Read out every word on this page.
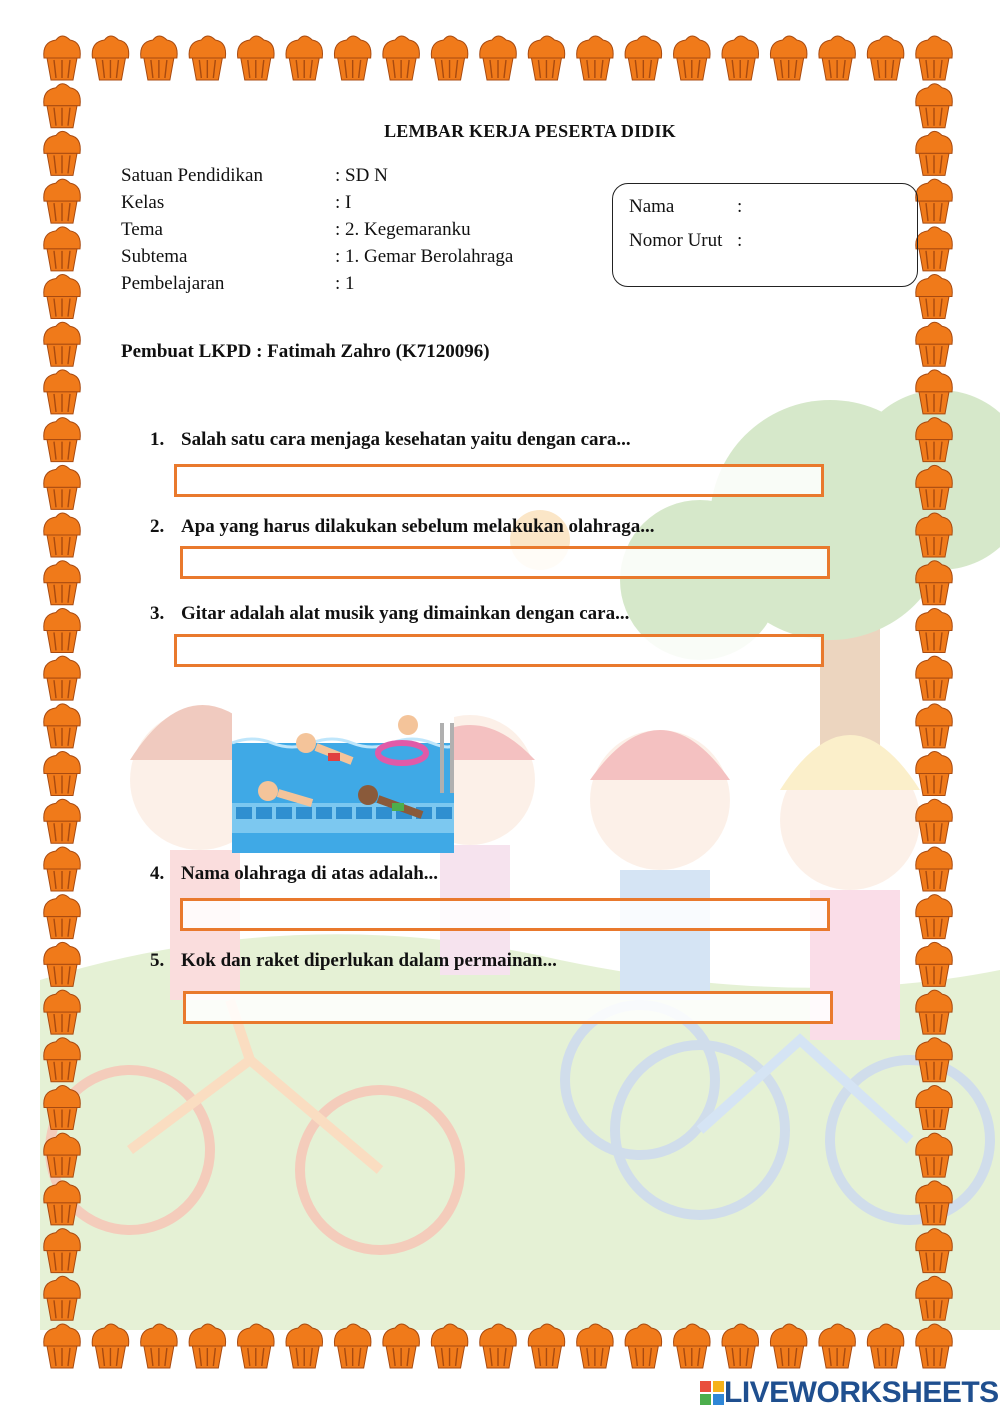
LEMBAR KERJA PESERTA DIDIK
Satuan Pendidikan	: SD N
Kelas	: I
Tema	: 2. Kegemaranku
Subtema	: 1. Gemar Berolahraga
Pembelajaran	: 1
Nama	:
Nomor Urut :
Pembuat LKPD : Fatimah Zahro (K7120096)
1. Salah satu cara menjaga kesehatan yaitu dengan cara...
2. Apa yang harus dilakukan sebelum melakukan olahraga...
3. Gitar adalah alat musik yang dimainkan dengan cara...
4. Nama olahraga di atas adalah...
5. Kok dan raket diperlukan dalam permainan...
LIVEWORKSHEETS
